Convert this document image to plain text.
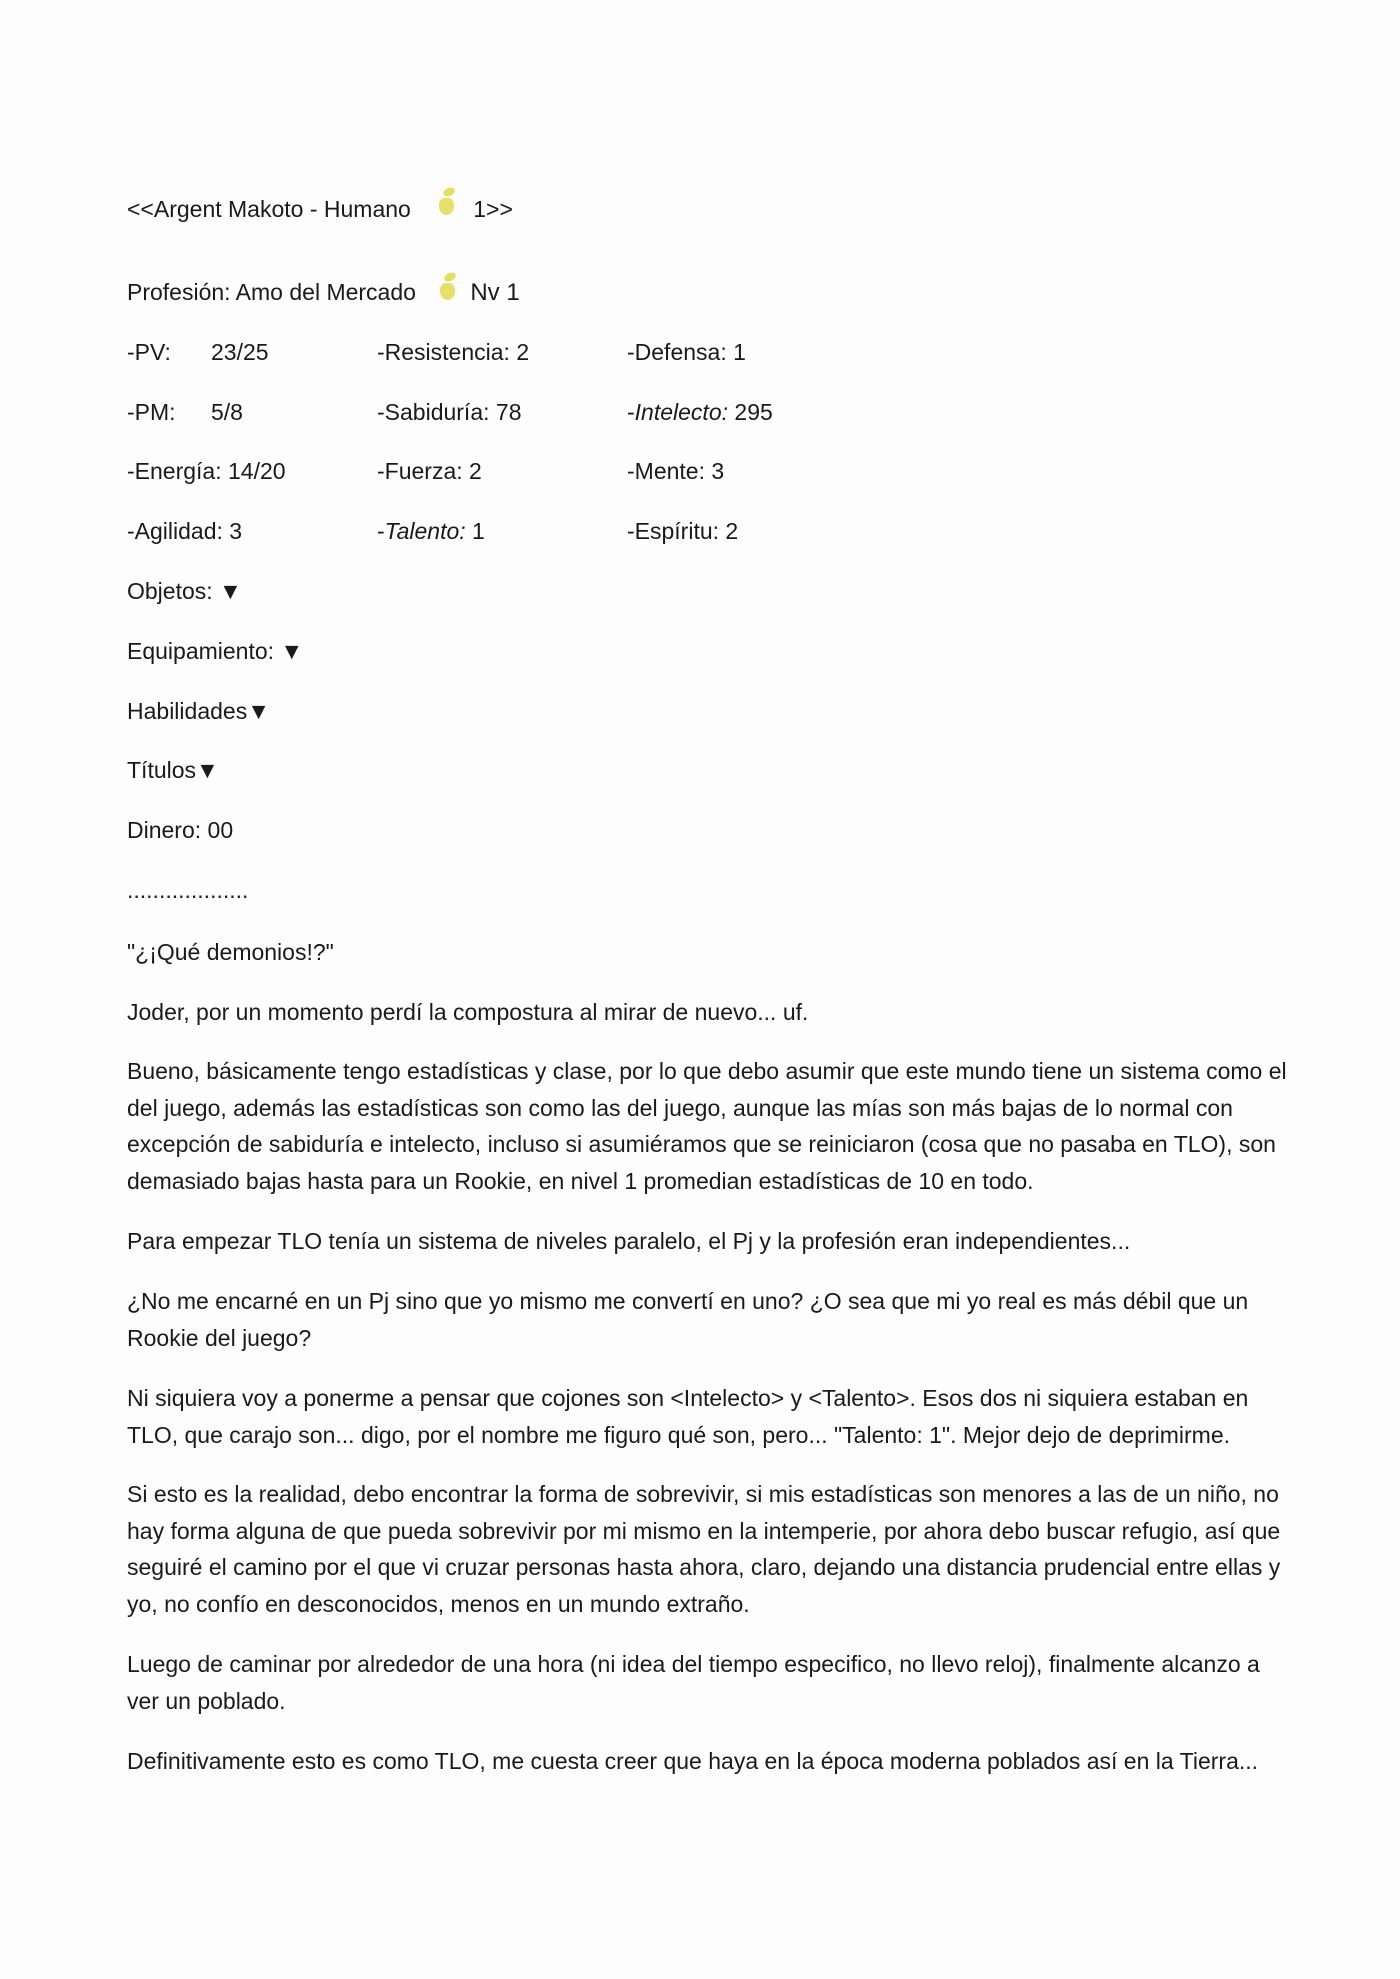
<<Argent Makoto - Humano	1>>
Profesión: Amo del Mercado Nv 1
-PV: 23/25	-Resistencia: 2	-Defensa: 1
-PM: 5/8	-Sabiduría: 78	-Intelecto: 295
-Energía: 14/20	-Fuerza: 2	-Mente: 3
-Agilidad: 3	-Talento: 1	-Espíritu: 2
Objetos: ▼
Equipamiento: ▼
Habilidades▼
Títulos▼
Dinero: 00
...................
"¿¡Qué demonios!?"
Joder, por un momento perdí la compostura al mirar de nuevo... uf.
Bueno, básicamente tengo estadísticas y clase, por lo que debo asumir que este mundo tiene un sistema como el del juego, además las estadísticas son como las del juego, aunque las mías son más bajas de lo normal con excepción de sabiduría e intelecto, incluso si asumiéramos que se reiniciaron (cosa que no pasaba en TLO), son demasiado bajas hasta para un Rookie, en nivel 1 promedian estadísticas de 10 en todo.
Para empezar TLO tenía un sistema de niveles paralelo, el Pj y la profesión eran independientes...
¿No me encarné en un Pj sino que yo mismo me convertí en uno? ¿O sea que mi yo real es más débil que un Rookie del juego?
Ni siquiera voy a ponerme a pensar que cojones son <Intelecto> y <Talento>. Esos dos ni siquiera estaban en TLO, que carajo son... digo, por el nombre me figuro qué son, pero... "Talento: 1". Mejor dejo de deprimirme.
Si esto es la realidad, debo encontrar la forma de sobrevivir, si mis estadísticas son menores a las de un niño, no hay forma alguna de que pueda sobrevivir por mi mismo en la intemperie, por ahora debo buscar refugio, así que seguiré el camino por el que vi cruzar personas hasta ahora, claro, dejando una distancia prudencial entre ellas y yo, no confío en desconocidos, menos en un mundo extraño.
Luego de caminar por alrededor de una hora (ni idea del tiempo especifico, no llevo reloj), finalmente alcanzo a ver un poblado.
Definitivamente esto es como TLO, me cuesta creer que haya en la época moderna poblados así en la Tierra...
